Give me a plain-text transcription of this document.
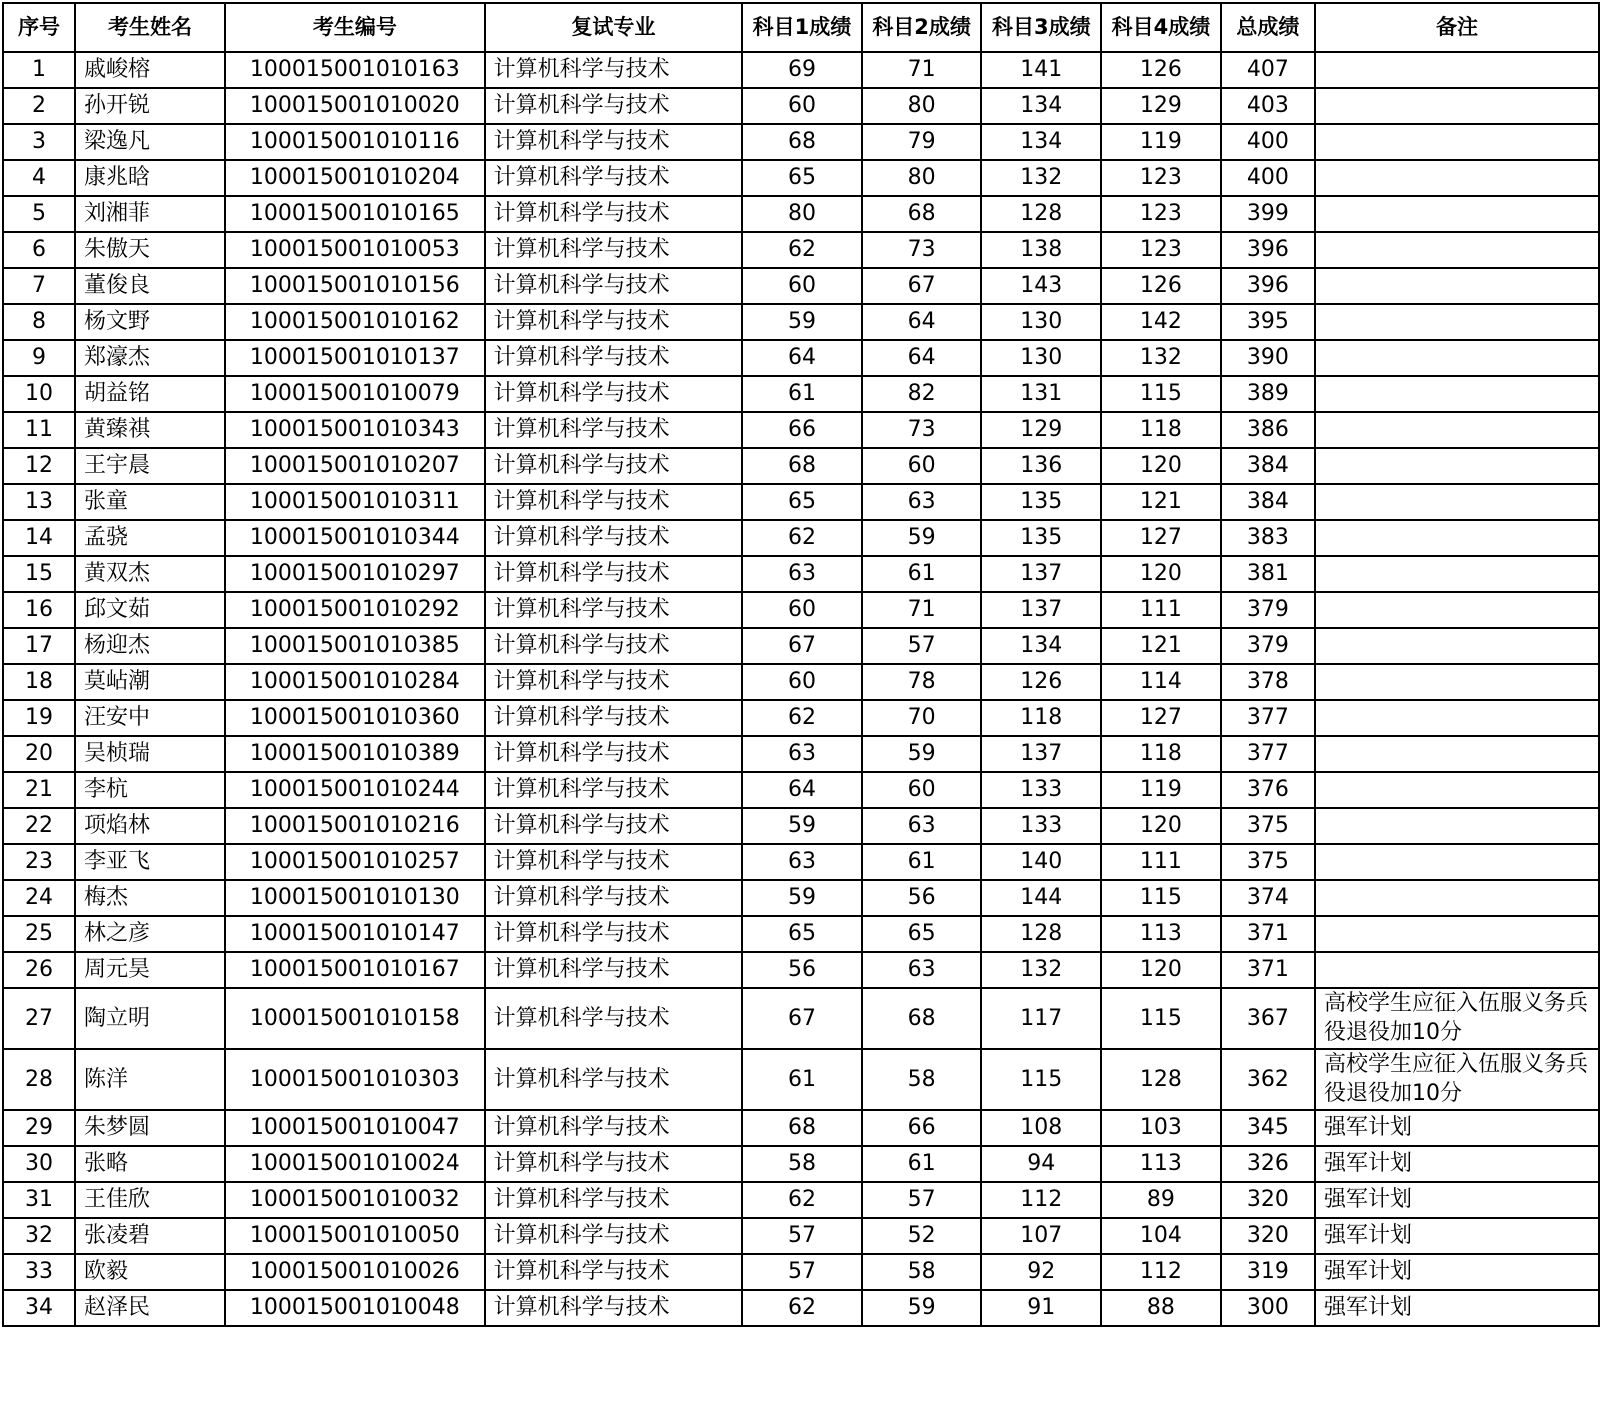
序号	考生姓名	考生编号	复试专业	科目1成绩	科目2成绩	科目3成绩	科目4成绩	总成绩	备注
1	戚峻榕	100015001010163	计算机科学与技术	69	71	141	126	407	
2	孙开锐	100015001010020	计算机科学与技术	60	80	134	129	403	
3	梁逸凡	100015001010116	计算机科学与技术	68	79	134	119	400	
4	康兆晗	100015001010204	计算机科学与技术	65	80	132	123	400	
5	刘湘菲	100015001010165	计算机科学与技术	80	68	128	123	399	
6	朱傲天	100015001010053	计算机科学与技术	62	73	138	123	396	
7	董俊良	100015001010156	计算机科学与技术	60	67	143	126	396	
8	杨文野	100015001010162	计算机科学与技术	59	64	130	142	395	
9	郑濠杰	100015001010137	计算机科学与技术	64	64	130	132	390	
10	胡益铭	100015001010079	计算机科学与技术	61	82	131	115	389	
11	黄臻祺	100015001010343	计算机科学与技术	66	73	129	118	386	
12	王宇晨	100015001010207	计算机科学与技术	68	60	136	120	384	
13	张童	100015001010311	计算机科学与技术	65	63	135	121	384	
14	孟骁	100015001010344	计算机科学与技术	62	59	135	127	383	
15	黄双杰	100015001010297	计算机科学与技术	63	61	137	120	381	
16	邱文茹	100015001010292	计算机科学与技术	60	71	137	111	379	
17	杨迎杰	100015001010385	计算机科学与技术	67	57	134	121	379	
18	莫岾潮	100015001010284	计算机科学与技术	60	78	126	114	378	
19	汪安中	100015001010360	计算机科学与技术	62	70	118	127	377	
20	吴桢瑞	100015001010389	计算机科学与技术	63	59	137	118	377	
21	李杭	100015001010244	计算机科学与技术	64	60	133	119	376	
22	项焰林	100015001010216	计算机科学与技术	59	63	133	120	375	
23	李亚飞	100015001010257	计算机科学与技术	63	61	140	111	375	
24	梅杰	100015001010130	计算机科学与技术	59	56	144	115	374	
25	林之彦	100015001010147	计算机科学与技术	65	65	128	113	371	
26	周元昊	100015001010167	计算机科学与技术	56	63	132	120	371	
27	陶立明	100015001010158	计算机科学与技术	67	68	117	115	367	高校学生应征入伍服义务兵役退役加10分
28	陈洋	100015001010303	计算机科学与技术	61	58	115	128	362	高校学生应征入伍服义务兵役退役加10分
29	朱梦圆	100015001010047	计算机科学与技术	68	66	108	103	345	强军计划
30	张略	100015001010024	计算机科学与技术	58	61	94	113	326	强军计划
31	王佳欣	100015001010032	计算机科学与技术	62	57	112	89	320	强军计划
32	张凌碧	100015001010050	计算机科学与技术	57	52	107	104	320	强军计划
33	欧毅	100015001010026	计算机科学与技术	57	58	92	112	319	强军计划
34	赵泽民	100015001010048	计算机科学与技术	62	59	91	88	300	强军计划
